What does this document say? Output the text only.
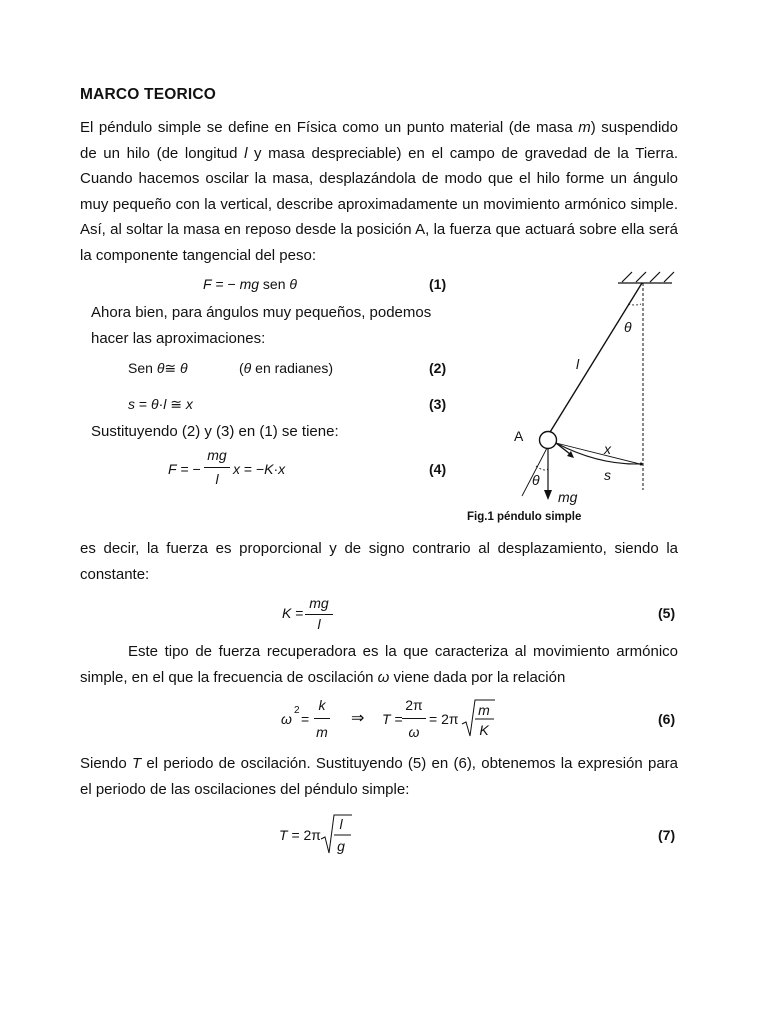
MARCO TEORICO

El péndulo simple se define en Física como un punto material (de masa m) suspendido de un hilo (de longitud l y masa despreciable) en el campo de gravedad de la Tierra. Cuando hacemos oscilar la masa, desplazándola de modo que el hilo forme un ángulo muy pequeño con la vertical, describe aproximadamente un movimiento armónico simple. Así, al soltar la masa en reposo desde la posición A, la fuerza que actuará sobre ella será la componente tangencial del peso:

F = − mg sen θ	(1)
Ahora bien, para ángulos muy pequeños, podemos
hacer las aproximaciones:
Sen θ≅ θ	(θ en radianes)	(2)
s = θ·l ≅ x	(3)
Sustituyendo (2) y (3) en (1) se tiene:
F = −
mg
l
x = −K·x	(4)
θ
l
A
x
θ	s
mg
Fig.1 péndulo simple

es decir, la fuerza es proporcional y de signo contrario al desplazamiento, siendo la constante:

K =
mg
l
(5)

Este tipo de fuerza recuperadora es la que caracteriza al movimiento armónico simple, en el que la frecuencia de oscilación ω viene dada por la relación

ω
2
=
k
m
⇒ T =
2π
ω
= 2π
m
K
(6)

Siendo T el periodo de oscilación. Sustituyendo (5) en (6), obtenemos la expresión para el periodo de las oscilaciones del péndulo simple:

T = 2π
l
g
(7)
